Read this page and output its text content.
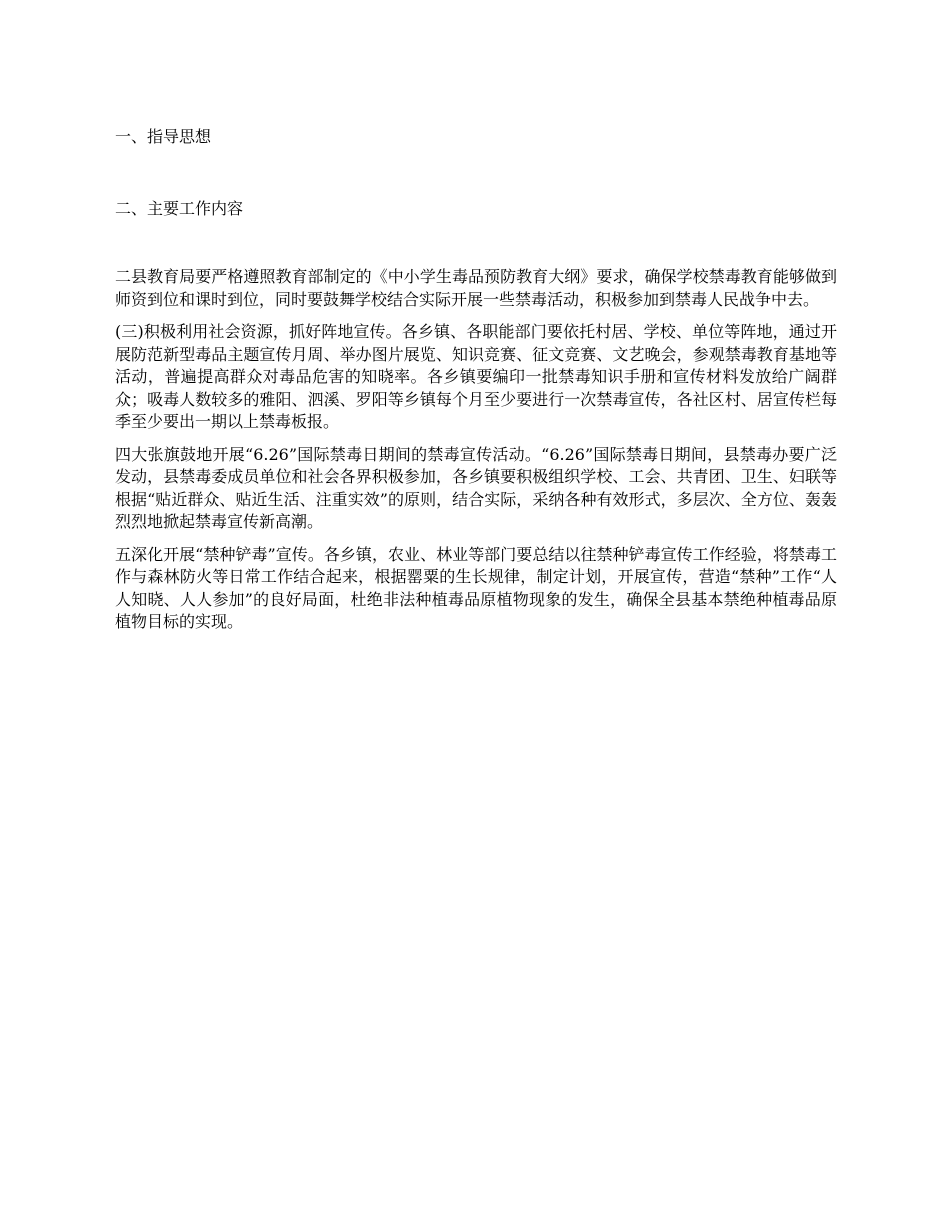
一、指导思想
二、主要工作内容

二县教育局要严格遵照教育部制定的《中小学生毒品预防教育大纲》要求，确保学校禁毒教育能够做到师资到位和课时到位，同时要鼓舞学校结合实际开展一些禁毒活动，积极参加到禁毒人民战争中去。

(三)积极利用社会资源，抓好阵地宣传。各乡镇、各职能部门要依托村居、学校、单位等阵地，通过开展防范新型毒品主题宣传月周、举办图片展览、知识竞赛、征文竞赛、文艺晚会，参观禁毒教育基地等活动，普遍提高群众对毒品危害的知晓率。各乡镇要编印一批禁毒知识手册和宣传材料发放给广阔群众；吸毒人数较多的雅阳、泗溪、罗阳等乡镇每个月至少要进行一次禁毒宣传，各社区村、居宣传栏每季至少要出一期以上禁毒板报。

四大张旗鼓地开展“6.26”国际禁毒日期间的禁毒宣传活动。“6.26”国际禁毒日期间，县禁毒办要广泛发动，县禁毒委成员单位和社会各界积极参加，各乡镇要积极组织学校、工会、共青团、卫生、妇联等根据“贴近群众、贴近生活、注重实效”的原则，结合实际，采纳各种有效形式，多层次、全方位、轰轰烈烈地掀起禁毒宣传新高潮。

五深化开展“禁种铲毒”宣传。各乡镇，农业、林业等部门要总结以往禁种铲毒宣传工作经验，将禁毒工作与森林防火等日常工作结合起来，根据罂粟的生长规律，制定计划，开展宣传，营造“禁种”工作“人人知晓、人人参加”的良好局面，杜绝非法种植毒品原植物现象的发生，确保全县基本禁绝种植毒品原植物目标的实现。
